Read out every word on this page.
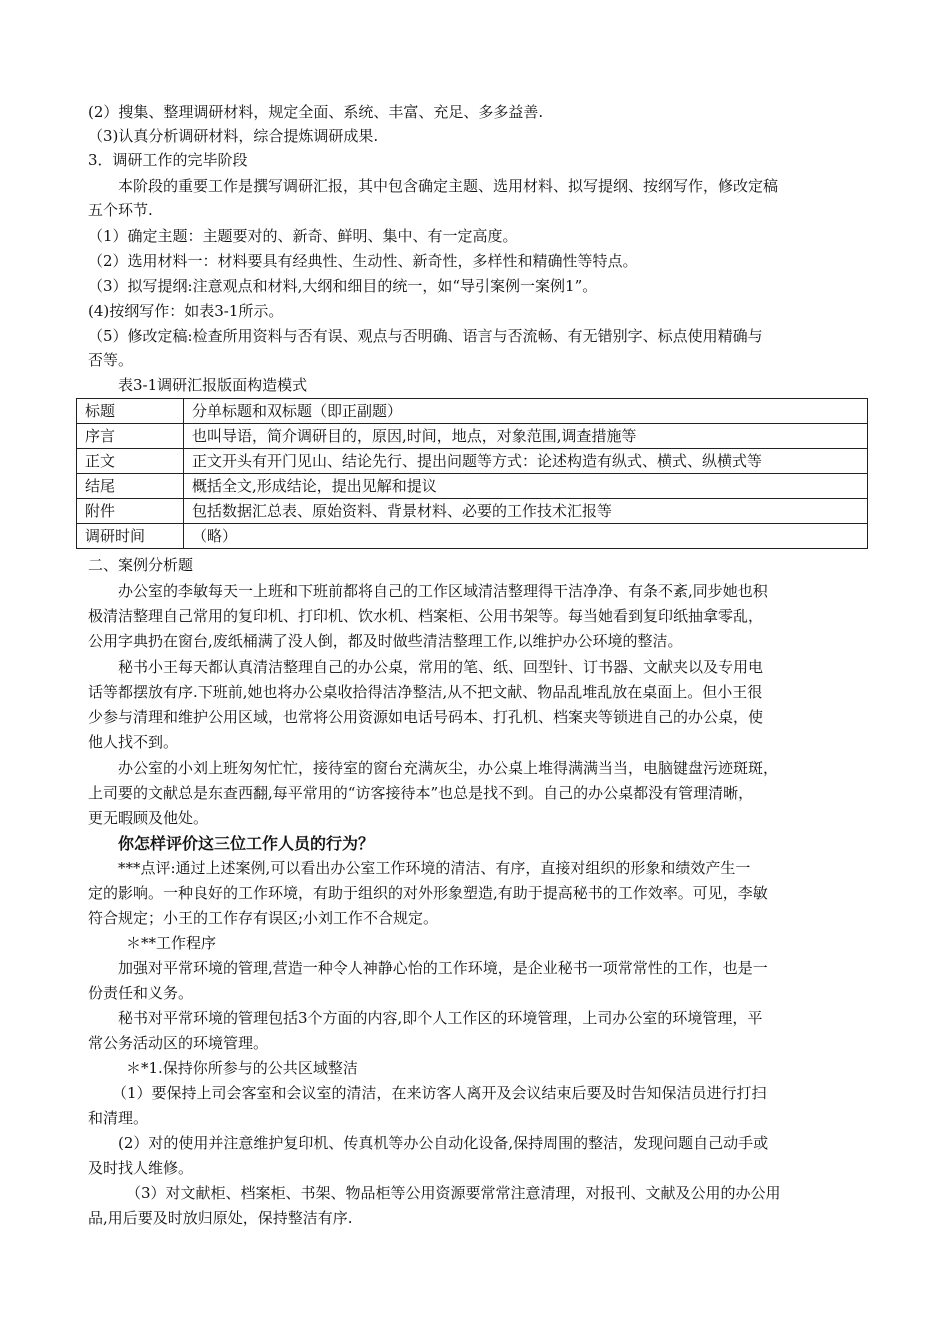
(2）搜集、整理调研材料，规定全面、系统、丰富、充足、多多益善.
（3)认真分析调研材料，综合提炼调研成果.
3．调研工作的完毕阶段
本阶段的重要工作是撰写调研汇报，其中包含确定主题、选用材料、拟写提纲、按纲写作，修改定稿
五个环节.
（1）确定主题：主题要对的、新奇、鲜明、集中、有一定高度。
（2）选用材料一：材料要具有经典性、生动性、新奇性，多样性和精确性等特点。
（3）拟写提纲:注意观点和材料,大纲和细目的统一，如“导引案例一案例1”。
(4)按纲写作：如表3-1所示。
（5）修改定稿:检查所用资料与否有误、观点与否明确、语言与否流畅、有无错别字、标点使用精确与
否等。
表3-1调研汇报版面构造模式
标题	分单标题和双标题（即正副题）
序言	也叫导语，简介调研目的，原因,时间，地点，对象范围,调查措施等
正文	正文开头有开门见山、结论先行、提出问题等方式：论述构造有纵式、横式、纵横式等
结尾	概括全文,形成结论，提出见解和提议
附件	包括数据汇总表、原始资料、背景材料、必要的工作技术汇报等
调研时间	（略）
二、案例分析题
办公室的李敏每天一上班和下班前都将自己的工作区域清洁整理得干洁净净、有条不紊,同步她也积
极清洁整理自己常用的复印机、打印机、饮水机、档案柜、公用书架等。每当她看到复印纸抽拿零乱，
公用字典扔在窗台,废纸桶满了没人倒，都及时做些清洁整理工作,以维护办公环境的整洁。
秘书小王每天都认真清洁整理自己的办公桌，常用的笔、纸、回型针、订书器、文献夹以及专用电
话等都摆放有序.下班前,她也将办公桌收拾得洁净整洁,从不把文献、物品乱堆乱放在桌面上。但小王很
少参与清理和维护公用区域，也常将公用资源如电话号码本、打孔机、档案夹等锁进自己的办公桌，使
他人找不到。
办公室的小刘上班匆匆忙忙，接待室的窗台充满灰尘，办公桌上堆得满满当当，电脑键盘污迹斑斑，
上司要的文献总是东查西翻,每平常用的“访客接待本”也总是找不到。自己的办公桌都没有管理清晰，
更无暇顾及他处。
你怎样评价这三位工作人员的行为？
***点评:通过上述案例,可以看出办公室工作环境的清洁、有序，直接对组织的形象和绩效产生一
定的影响。一种良好的工作环境，有助于组织的对外形象塑造,有助于提高秘书的工作效率。可见，李敏
符合规定；小王的工作存有误区;小刘工作不合规定。
＊**工作程序
加强对平常环境的管理,营造一种令人神静心怡的工作环境，是企业秘书一项常常性的工作，也是一
份责任和义务。
秘书对平常环境的管理包括3个方面的内容,即个人工作区的环境管理，上司办公室的环境管理，平
常公务活动区的环境管理。
＊*1.保持你所参与的公共区域整洁
（1）要保持上司会客室和会议室的清洁，在来访客人离开及会议结束后要及时告知保洁员进行打扫
和清理。
(2）对的使用并注意维护复印机、传真机等办公自动化设备,保持周围的整洁，发现问题自己动手或
及时找人维修。
（3）对文献柜、档案柜、书架、物品柜等公用资源要常常注意清理，对报刊、文献及公用的办公用
品,用后要及时放归原处，保持整洁有序.
